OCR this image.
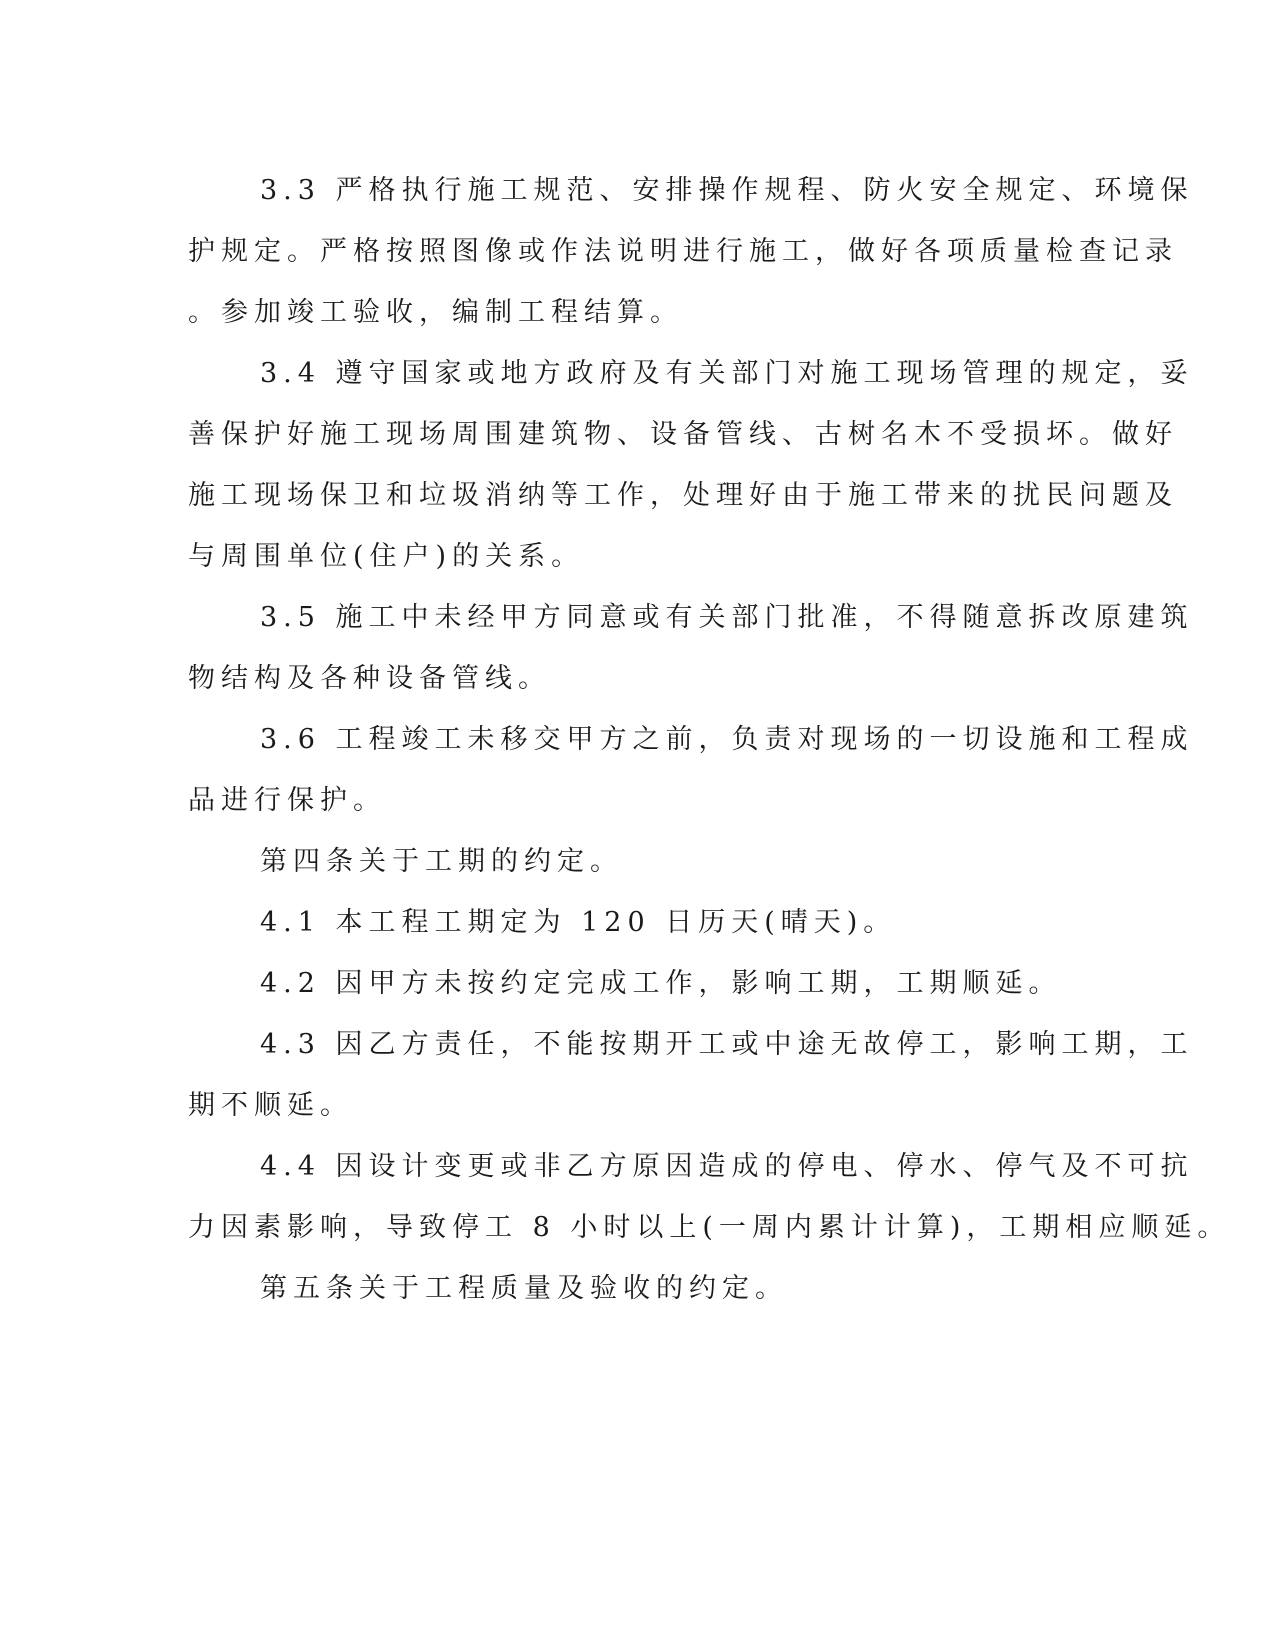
3.3 严格执行施工规范、安排操作规程、防火安全规定、环境保
护规定。严格按照图像或作法说明进行施工，做好各项质量检查记录
。参加竣工验收，编制工程结算。
3.4 遵守国家或地方政府及有关部门对施工现场管理的规定，妥
善保护好施工现场周围建筑物、设备管线、古树名木不受损坏。做好
施工现场保卫和垃圾消纳等工作，处理好由于施工带来的扰民问题及
与周围单位(住户)的关系。
3.5 施工中未经甲方同意或有关部门批准，不得随意拆改原建筑
物结构及各种设备管线。
3.6 工程竣工未移交甲方之前，负责对现场的一切设施和工程成
品进行保护。
第四条关于工期的约定。
4.1 本工程工期定为 120 日历天(晴天)。
4.2 因甲方未按约定完成工作，影响工期，工期顺延。
4.3 因乙方责任，不能按期开工或中途无故停工，影响工期，工
期不顺延。
4.4 因设计变更或非乙方原因造成的停电、停水、停气及不可抗
力因素影响，导致停工 8 小时以上(一周内累计计算)，工期相应顺延。
第五条关于工程质量及验收的约定。
